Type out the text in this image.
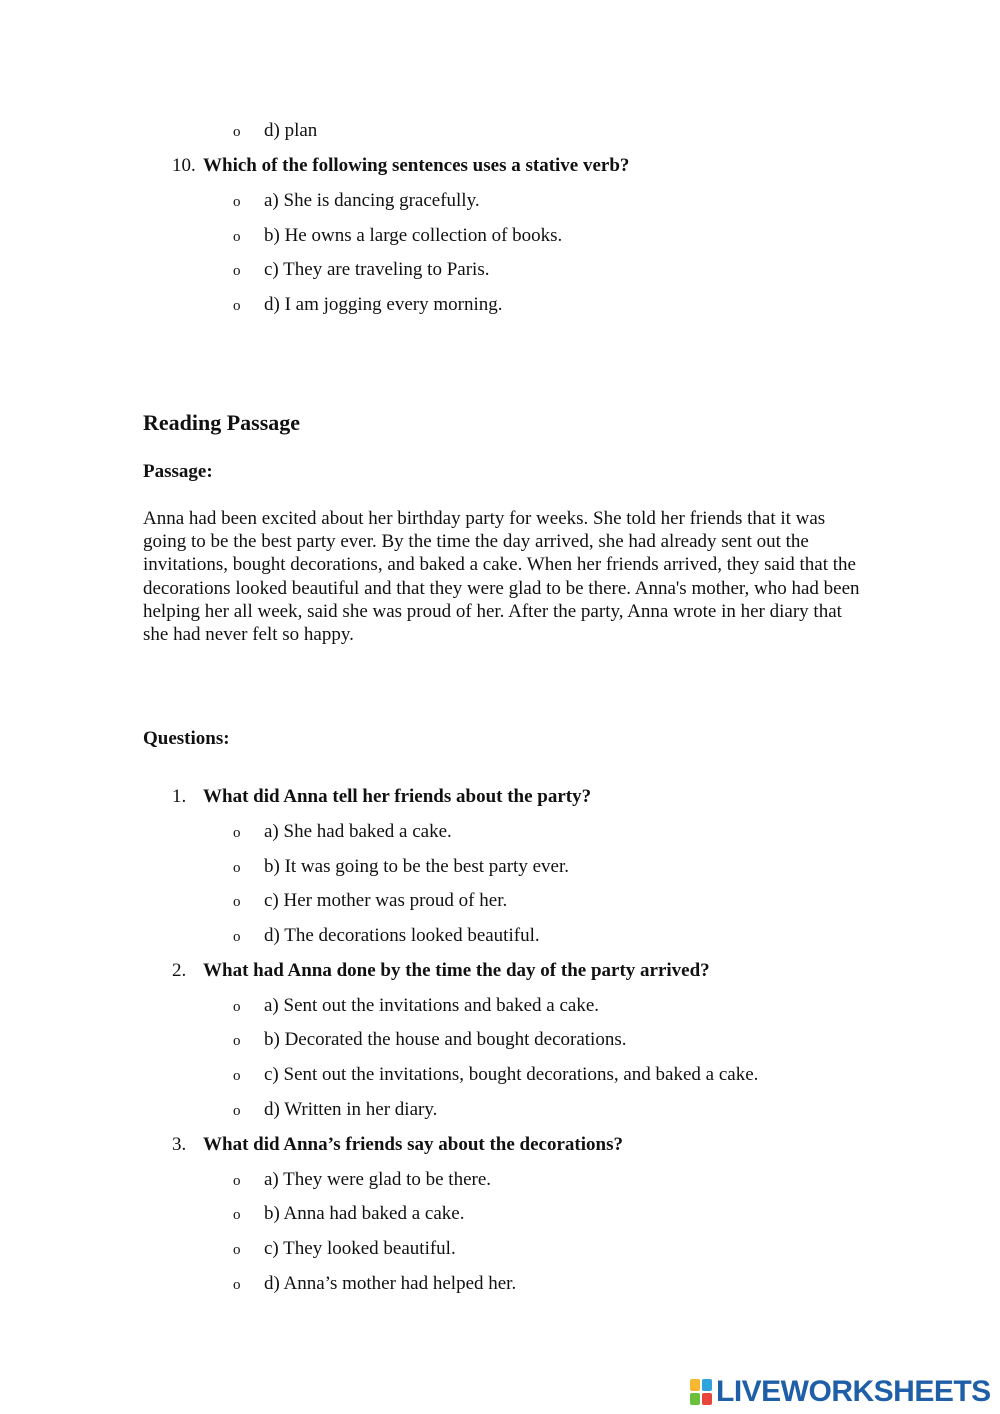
o d) plan
10. Which of the following sentences uses a stative verb?
o a) She is dancing gracefully.
o b) He owns a large collection of books.
o c) They are traveling to Paris.
o d) I am jogging every morning.
Reading Passage
Passage:
Anna had been excited about her birthday party for weeks. She told her friends that it was going to be the best party ever. By the time the day arrived, she had already sent out the invitations, bought decorations, and baked a cake. When her friends arrived, they said that the decorations looked beautiful and that they were glad to be there. Anna's mother, who had been helping her all week, said she was proud of her. After the party, Anna wrote in her diary that she had never felt so happy.
Questions:
1. What did Anna tell her friends about the party?
o a) She had baked a cake.
o b) It was going to be the best party ever.
o c) Her mother was proud of her.
o d) The decorations looked beautiful.
2. What had Anna done by the time the day of the party arrived?
o a) Sent out the invitations and baked a cake.
o b) Decorated the house and bought decorations.
o c) Sent out the invitations, bought decorations, and baked a cake.
o d) Written in her diary.
3. What did Anna’s friends say about the decorations?
o a) They were glad to be there.
o b) Anna had baked a cake.
o c) They looked beautiful.
o d) Anna’s mother had helped her.
LIVEWORKSHEETS
